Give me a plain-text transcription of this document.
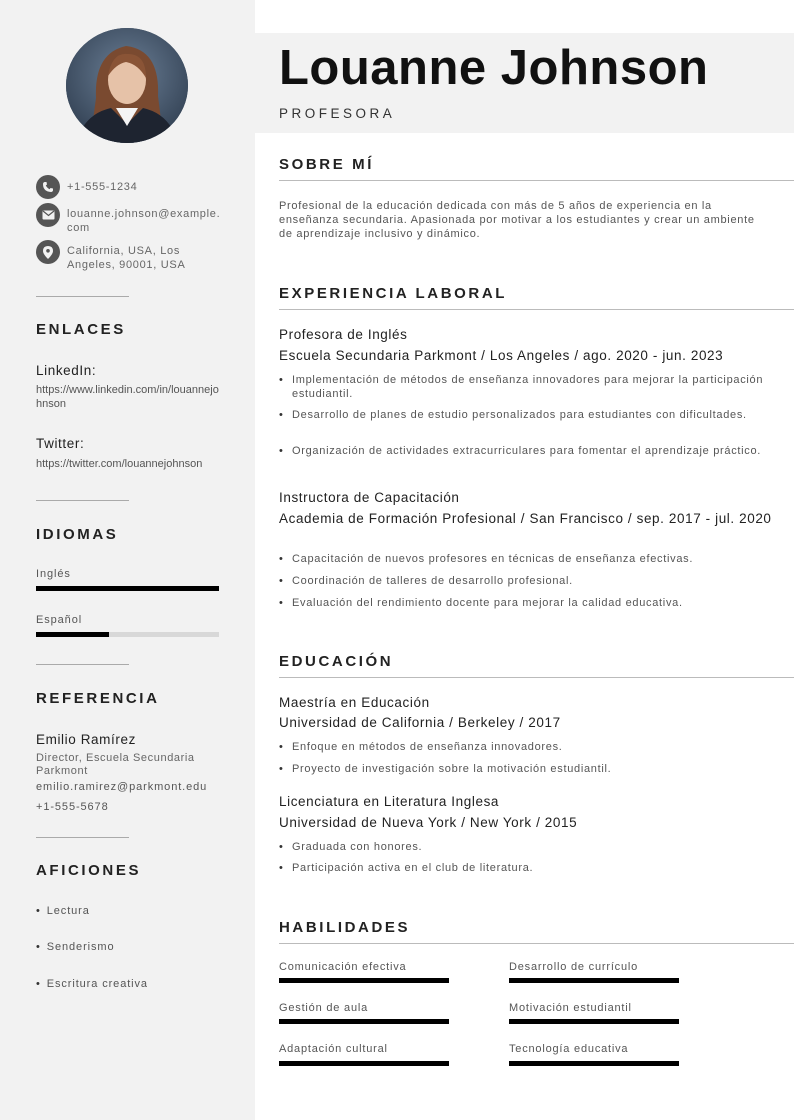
+1-555-1234
louanne.johnson@example.com
California, USA, Los Angeles, 90001, USA
ENLACES
LinkedIn:
https://www.linkedin.com/in/louannejohnson
Twitter:
https://twitter.com/louannejohnson
IDIOMAS
Inglés
Español
REFERENCIA
Emilio Ramírez
Director, Escuela Secundaria Parkmont
emilio.ramirez@parkmont.edu
+1-555-5678
AFICIONES
• Lectura
• Senderismo
• Escritura creativa
Louanne Johnson
PROFESORA
SOBRE MÍ
Profesional de la educación dedicada con más de 5 años de experiencia en la enseñanza secundaria. Apasionada por motivar a los estudiantes y crear un ambiente de aprendizaje inclusivo y dinámico.
EXPERIENCIA LABORAL
Profesora de Inglés
Escuela Secundaria Parkmont / Los Angeles / ago. 2020 - jun. 2023
• Implementación de métodos de enseñanza innovadores para mejorar la participación estudiantil.
• Desarrollo de planes de estudio personalizados para estudiantes con dificultades.
• Organización de actividades extracurriculares para fomentar el aprendizaje práctico.
Instructora de Capacitación
Academia de Formación Profesional / San Francisco / sep. 2017 - jul. 2020
• Capacitación de nuevos profesores en técnicas de enseñanza efectivas.
• Coordinación de talleres de desarrollo profesional.
• Evaluación del rendimiento docente para mejorar la calidad educativa.
EDUCACIÓN
Maestría en Educación
Universidad de California / Berkeley / 2017
• Enfoque en métodos de enseñanza innovadores.
• Proyecto de investigación sobre la motivación estudiantil.
Licenciatura en Literatura Inglesa
Universidad de Nueva York / New York / 2015
• Graduada con honores.
• Participación activa en el club de literatura.
HABILIDADES
Comunicación efectiva	Desarrollo de currículo
Gestión de aula	Motivación estudiantil
Adaptación cultural	Tecnología educativa
